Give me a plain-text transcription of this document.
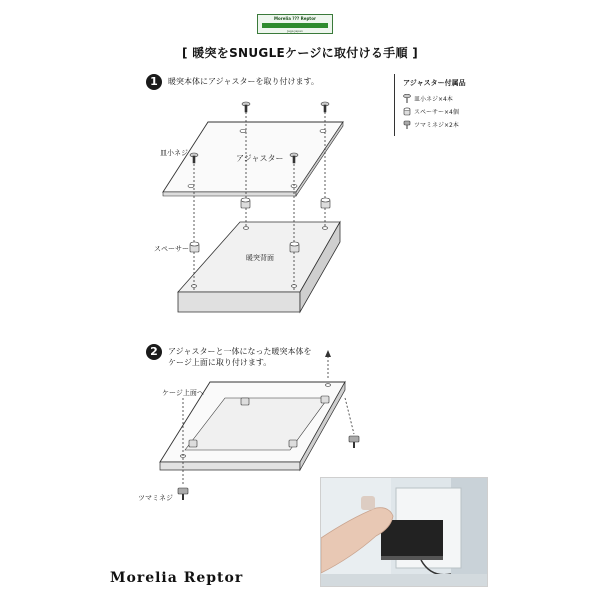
Morelia ??? Reptor
Jaga Japan
[ 暖突をSNUGLEケージに取付ける手順 ]
1	暖突本体にアジャスターを取り付けます。	アジャスター付属品
皿小ネジ×4本
スペーサー×4個
ツマミネジ×2本
皿小ネジ
アジャスター
スペーサー
暖突背面
2	アジャスターと一体になった暖突本体を
ケージ上面に取り付けます。
ケージ上面へ
ツマミネジ
Morelia Reptor
